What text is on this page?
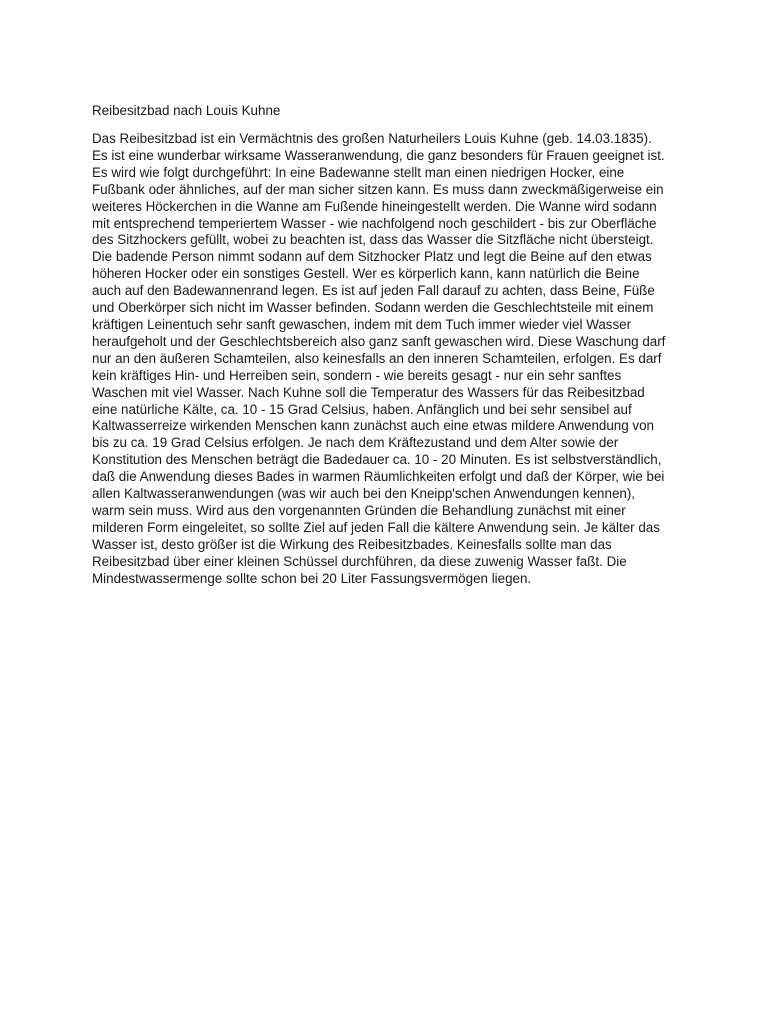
Reibesitzbad nach Louis Kuhne
Das Reibesitzbad ist ein Vermächtnis des großen Naturheilers Louis Kuhne (geb. 14.03.1835).
Es ist eine wunderbar wirksame Wasseranwendung, die ganz besonders für Frauen geeignet ist.
Es wird wie folgt durchgeführt: In eine Badewanne stellt man einen niedrigen Hocker, eine
Fußbank oder ähnliches, auf der man sicher sitzen kann. Es muss dann zweckmäßigerweise ein
weiteres Höckerchen in die Wanne am Fußende hineingestellt werden. Die Wanne wird sodann
mit entsprechend temperiertem Wasser - wie nachfolgend noch geschildert - bis zur Oberfläche
des Sitzhockers gefüllt, wobei zu beachten ist, dass das Wasser die Sitzfläche nicht übersteigt.
Die badende Person nimmt sodann auf dem Sitzhocker Platz und legt die Beine auf den etwas
höheren Hocker oder ein sonstiges Gestell. Wer es körperlich kann, kann natürlich die Beine
auch auf den Badewannenrand legen. Es ist auf jeden Fall darauf zu achten, dass Beine, Füße
und Oberkörper sich nicht im Wasser befinden. Sodann werden die Geschlechtsteile mit einem
kräftigen Leinentuch sehr sanft gewaschen, indem mit dem Tuch immer wieder viel Wasser
heraufgeholt und der Geschlechtsbereich also ganz sanft gewaschen wird. Diese Waschung darf
nur an den äußeren Schamteilen, also keinesfalls an den inneren Schamteilen, erfolgen. Es darf
kein kräftiges Hin- und Herreiben sein, sondern - wie bereits gesagt - nur ein sehr sanftes
Waschen mit viel Wasser. Nach Kuhne soll die Temperatur des Wassers für das Reibesitzbad
eine natürliche Kälte, ca. 10 - 15 Grad Celsius, haben. Anfänglich und bei sehr sensibel auf
Kaltwasserreize wirkenden Menschen kann zunächst auch eine etwas mildere Anwendung von
bis zu ca. 19 Grad Celsius erfolgen. Je nach dem Kräftezustand und dem Alter sowie der
Konstitution des Menschen beträgt die Badedauer ca. 10 - 20 Minuten. Es ist selbstverständlich,
daß die Anwendung dieses Bades in warmen Räumlichkeiten erfolgt und daß der Körper, wie bei
allen Kaltwasseranwendungen (was wir auch bei den Kneipp'schen Anwendungen kennen),
warm sein muss. Wird aus den vorgenannten Gründen die Behandlung zunächst mit einer
milderen Form eingeleitet, so sollte Ziel auf jeden Fall die kältere Anwendung sein. Je kälter das
Wasser ist, desto größer ist die Wirkung des Reibesitzbades. Keinesfalls sollte man das
Reibesitzbad über einer kleinen Schüssel durchführen, da diese zuwenig Wasser faßt. Die
Mindestwassermenge sollte schon bei 20 Liter Fassungsvermögen liegen.
